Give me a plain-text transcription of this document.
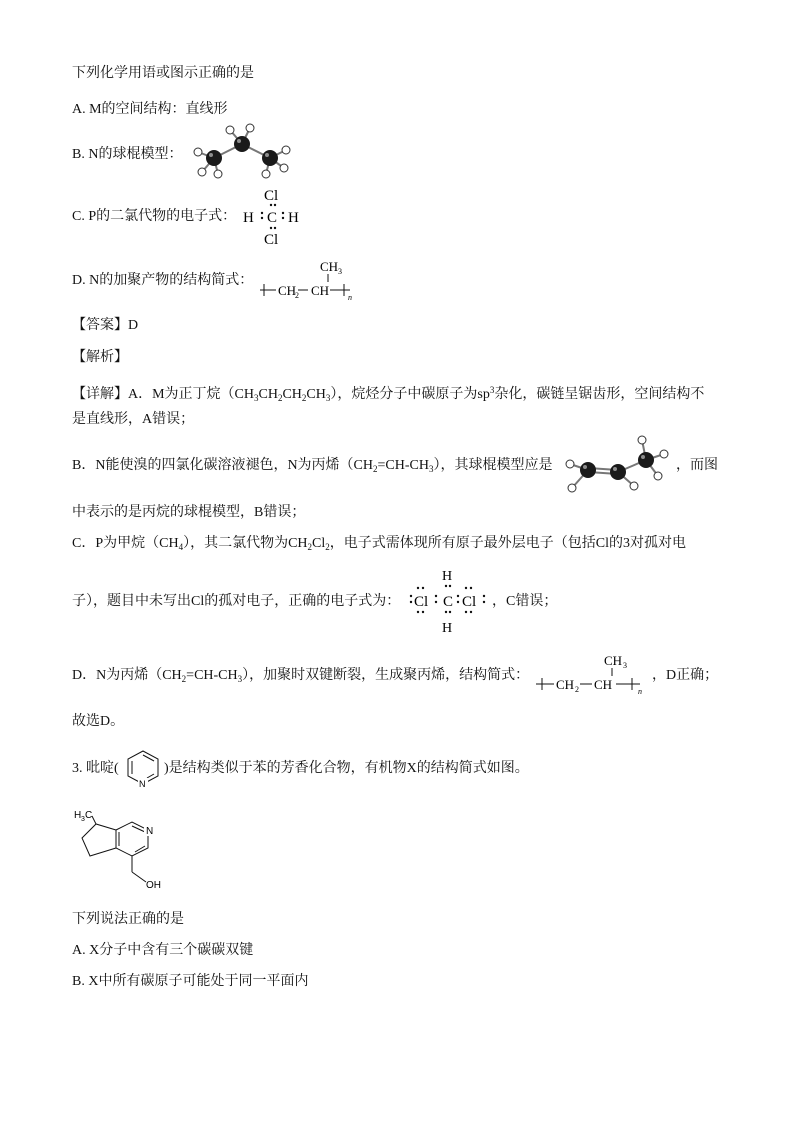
下列化学用语或图示正确的是
A. M的空间结构：直线形
B. N的球棍模型：
C. P的二氯代物的电子式：
Cl
H C H
Cl
D. N的加聚产物的结构简式：
CH
2 CH
CH 3
n
【答案】D
【解析】
【详解】A．M为正丁烷$(CH_3CH_2CH_2CH_3)$，烷烃分子中碳原子为$sp^3$杂化，碳链呈锯齿形，空间结构不
是直线形，A错误；
B．N能使溴的四氯化碳溶液褪色，N为丙烯$(CH_2=CH-CH_3)$，其球棍模型应是	，而图
中表示的是丙烷的球棍模型，B错误；
C．P为甲烷$(CH_4)$，其二氯代物为$CH_2Cl_2$，电子式需体现所有原子最外层电子（包括Cl的3对孤对电
子），题目中未写出Cl的孤对电子，正确的电子式为：
H
Cl C Cl
H
，C错误；
D．N为丙烯$(CH_2=CH-CH_3)$，加聚时双键断裂，生成聚丙烯，结构简式：
CH 2 CH
CH 3
n
，D正确；
故选D。
3. 吡啶(
N
)是结构类似于苯的芳香化合物，有机物X的结构简式如图。
N
H 3 C
OH
下列说法正确的是
A. X分子中含有三个碳碳双键
B. X中所有碳原子可能处于同一平面内
